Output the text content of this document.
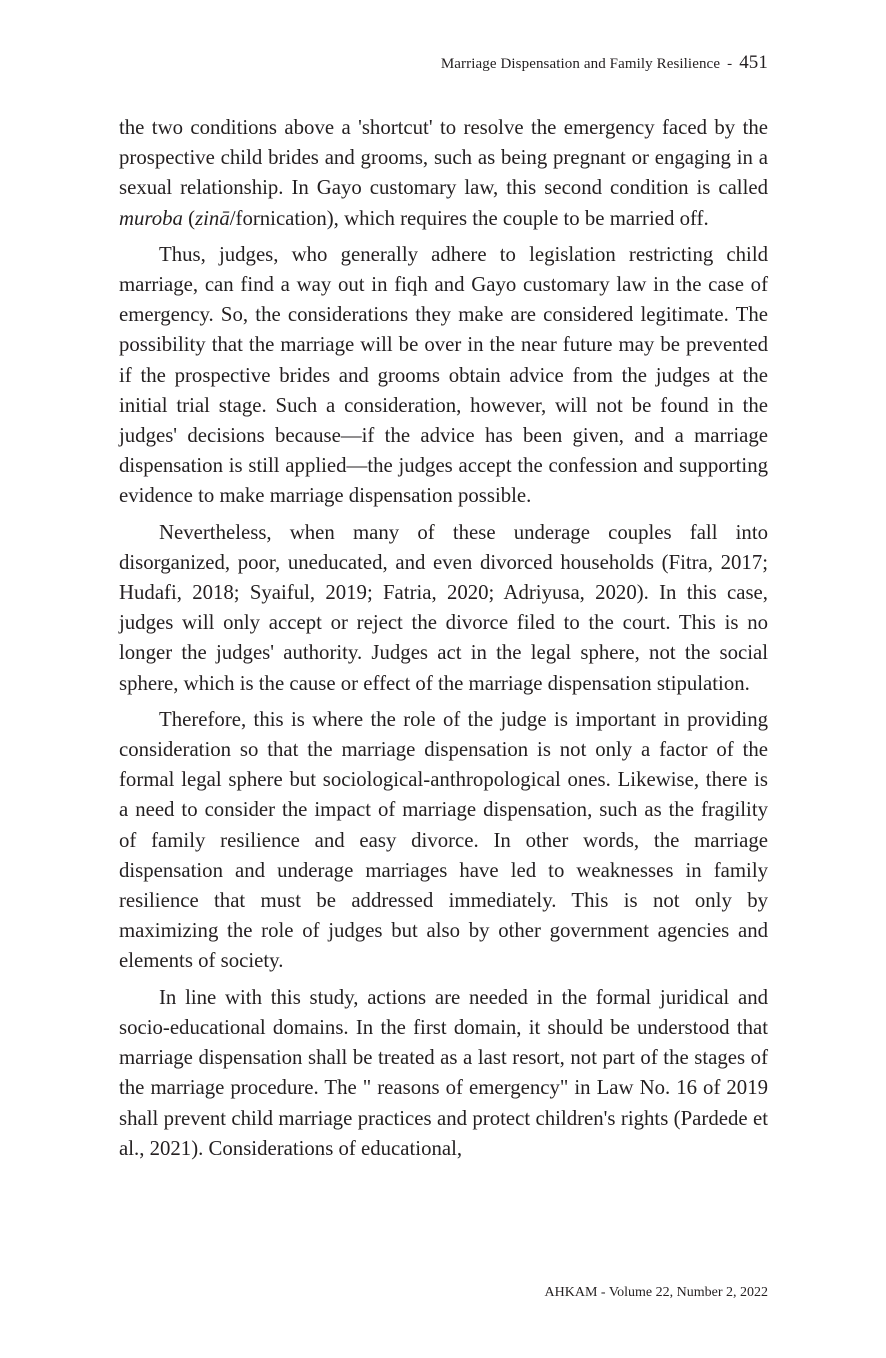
Marriage Dispensation and Family Resilience - 451

the two conditions above a 'shortcut' to resolve the emergency faced by the prospective child brides and grooms, such as being pregnant or engaging in a sexual relationship. In Gayo customary law, this second condition is called muroba (zinā/fornication), which requires the couple to be married off.

Thus, judges, who generally adhere to legislation restricting child marriage, can find a way out in fiqh and Gayo customary law in the case of emergency. So, the considerations they make are considered legitimate. The possibility that the marriage will be over in the near future may be prevented if the prospective brides and grooms obtain advice from the judges at the initial trial stage. Such a consideration, however, will not be found in the judges' decisions because—if the advice has been given, and a marriage dispensation is still applied—the judges accept the confession and supporting evidence to make marriage dispensation possible.

Nevertheless, when many of these underage couples fall into disorganized, poor, uneducated, and even divorced households (Fitra, 2017; Hudafi, 2018; Syaiful, 2019; Fatria, 2020; Adriyusa, 2020). In this case, judges will only accept or reject the divorce filed to the court. This is no longer the judges' authority. Judges act in the legal sphere, not the social sphere, which is the cause or effect of the marriage dispensation stipulation.

Therefore, this is where the role of the judge is important in providing consideration so that the marriage dispensation is not only a factor of the formal legal sphere but sociological-anthropological ones. Likewise, there is a need to consider the impact of marriage dispensation, such as the fragility of family resilience and easy divorce. In other words, the marriage dispensation and underage marriages have led to weaknesses in family resilience that must be addressed immediately. This is not only by maximizing the role of judges but also by other government agencies and elements of society.

In line with this study, actions are needed in the formal juridical and socio-educational domains. In the first domain, it should be understood that marriage dispensation shall be treated as a last resort, not part of the stages of the marriage procedure. The " reasons of emergency" in Law No. 16 of 2019 shall prevent child marriage practices and protect children's rights (Pardede et al., 2021). Considerations of educational,

AHKAM - Volume 22, Number 2, 2022
